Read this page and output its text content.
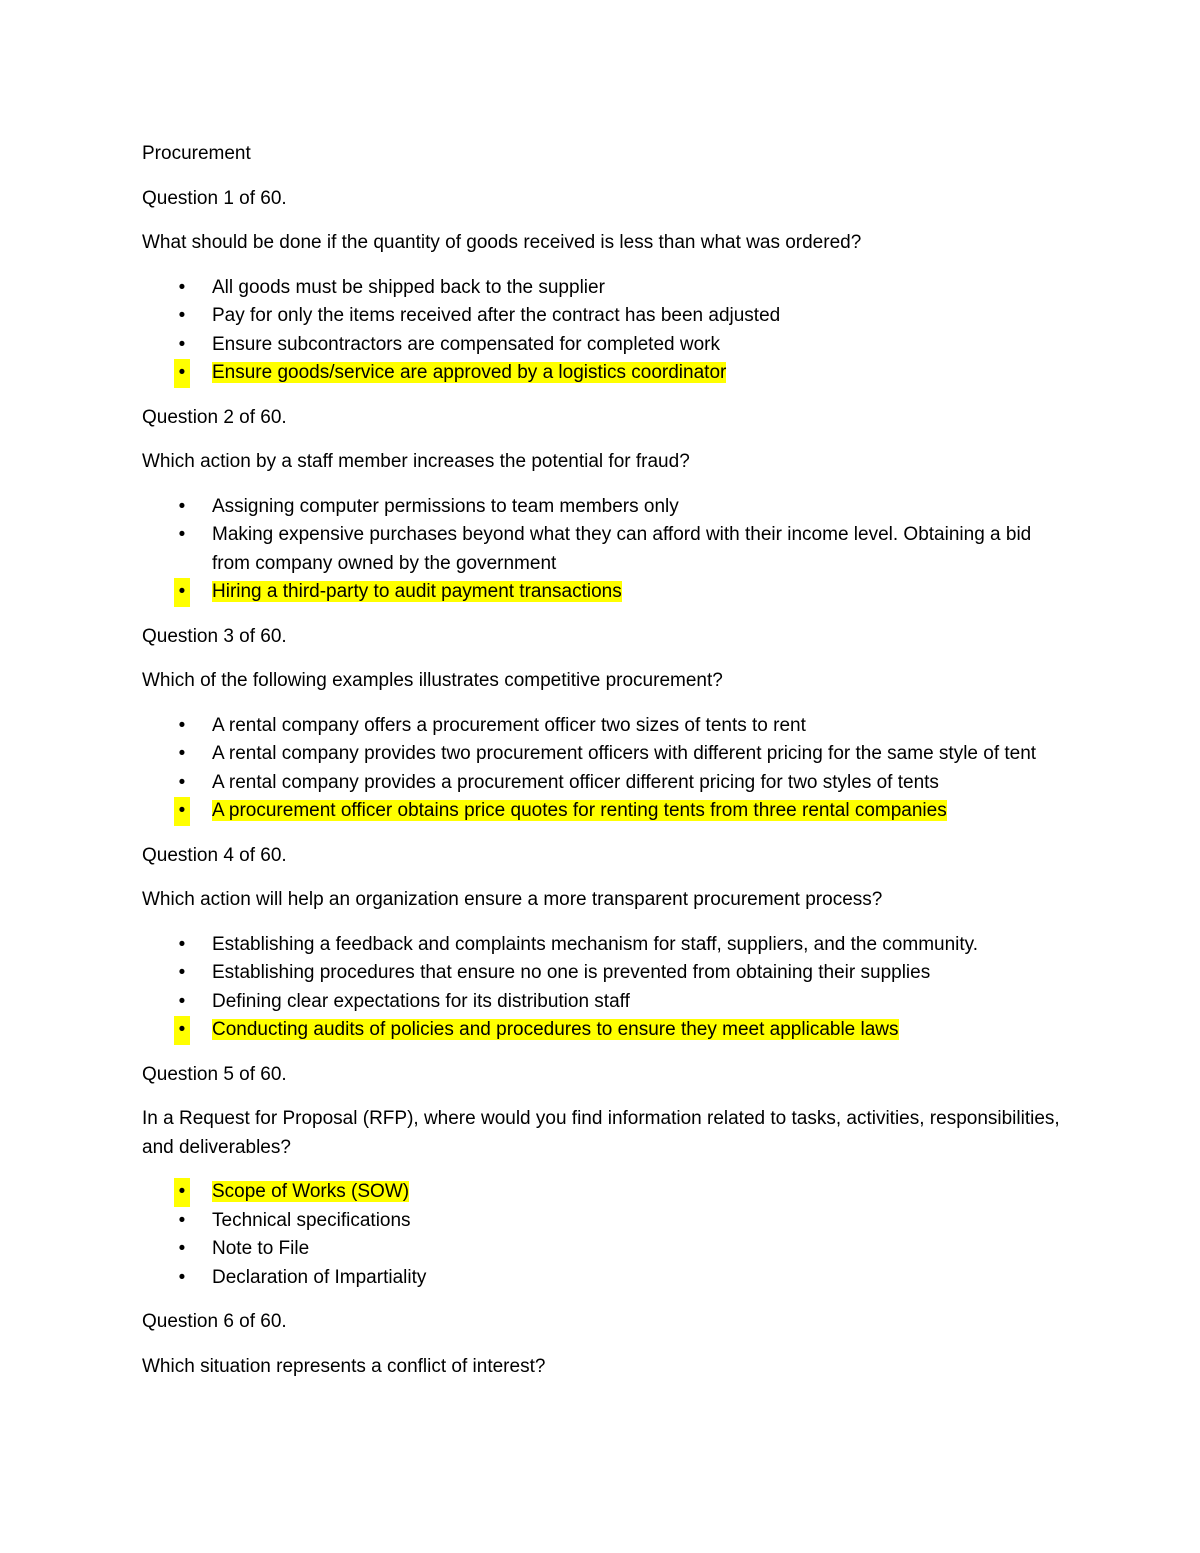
Procurement

Question 1 of 60.

What should be done if the quantity of goods received is less than what was ordered?

• All goods must be shipped back to the supplier
• Pay for only the items received after the contract has been adjusted
• Ensure subcontractors are compensated for completed work
• Ensure goods/service are approved by a logistics coordinator

Question 2 of 60.

Which action by a staff member increases the potential for fraud?

• Assigning computer permissions to team members only
• Making expensive purchases beyond what they can afford with their income level. Obtaining a bid from company owned by the government
• Hiring a third-party to audit payment transactions

Question 3 of 60.

Which of the following examples illustrates competitive procurement?

• A rental company offers a procurement officer two sizes of tents to rent
• A rental company provides two procurement officers with different pricing for the same style of tent
• A rental company provides a procurement officer different pricing for two styles of tents
• A procurement officer obtains price quotes for renting tents from three rental companies

Question 4 of 60.

Which action will help an organization ensure a more transparent procurement process?

• Establishing a feedback and complaints mechanism for staff, suppliers, and the community.
• Establishing procedures that ensure no one is prevented from obtaining their supplies
• Defining clear expectations for its distribution staff
• Conducting audits of policies and procedures to ensure they meet applicable laws

Question 5 of 60.

In a Request for Proposal (RFP), where would you find information related to tasks, activities, responsibilities, and deliverables?

• Scope of Works (SOW)
• Technical specifications
• Note to File
• Declaration of Impartiality

Question 6 of 60.

Which situation represents a conflict of interest?
